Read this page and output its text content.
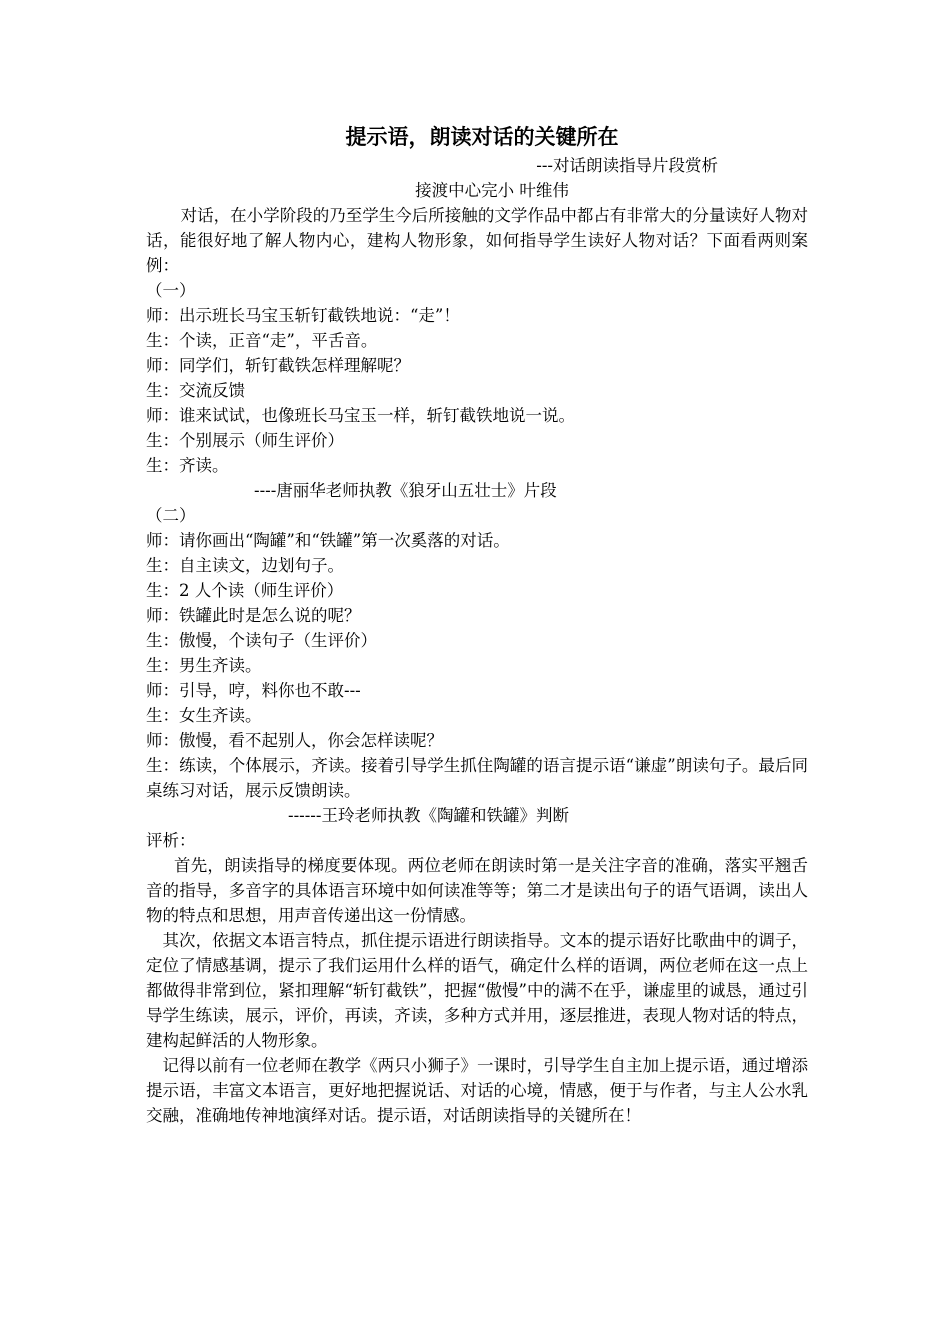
提示语，朗读对话的关键所在

---对话朗读指导片段赏析

接渡中心完小 叶维伟

对话，在小学阶段的乃至学生今后所接触的文学作品中都占有非常大的分量读好人物对话，能很好地了解人物内心，建构人物形象，如何指导学生读好人物对话？下面看两则案例：

（一）

师：出示班长马宝玉斩钉截铁地说：“走”！

生：个读，正音“走”，平舌音。

师：同学们，斩钉截铁怎样理解呢？

生：交流反馈

师：谁来试试，也像班长马宝玉一样，斩钉截铁地说一说。

生：个别展示（师生评价）

生：齐读。

----唐丽华老师执教《狼牙山五壮士》片段

（二）

师：请你画出“陶罐”和“铁罐”第一次奚落的对话。

生：自主读文，边划句子。

生：2 人个读（师生评价）

师：铁罐此时是怎么说的呢？

生：傲慢，个读句子（生评价）

生：男生齐读。

师：引导，哼，料你也不敢---

生：女生齐读。

师：傲慢，看不起别人，你会怎样读呢？

生：练读，个体展示，齐读。接着引导学生抓住陶罐的语言提示语“谦虚”朗读句子。最后同桌练习对话，展示反馈朗读。

------王玲老师执教《陶罐和铁罐》判断

评析：

首先，朗读指导的梯度要体现。两位老师在朗读时第一是关注字音的准确，落实平翘舌音的指导，多音字的具体语言环境中如何读准等等；第二才是读出句子的语气语调，读出人物的特点和思想，用声音传递出这一份情感。

其次，依据文本语言特点，抓住提示语进行朗读指导。文本的提示语好比歌曲中的调子，定位了情感基调，提示了我们运用什么样的语气，确定什么样的语调，两位老师在这一点上都做得非常到位，紧扣理解“斩钉截铁”，把握“傲慢”中的满不在乎，谦虚里的诚恳，通过引导学生练读，展示，评价，再读，齐读，多种方式并用，逐层推进，表现人物对话的特点，建构起鲜活的人物形象。

记得以前有一位老师在教学《两只小狮子》一课时，引导学生自主加上提示语，通过增添提示语，丰富文本语言，更好地把握说话、对话的心境，情感，便于与作者，与主人公水乳交融，准确地传神地演绎对话。提示语，对话朗读指导的关键所在！
